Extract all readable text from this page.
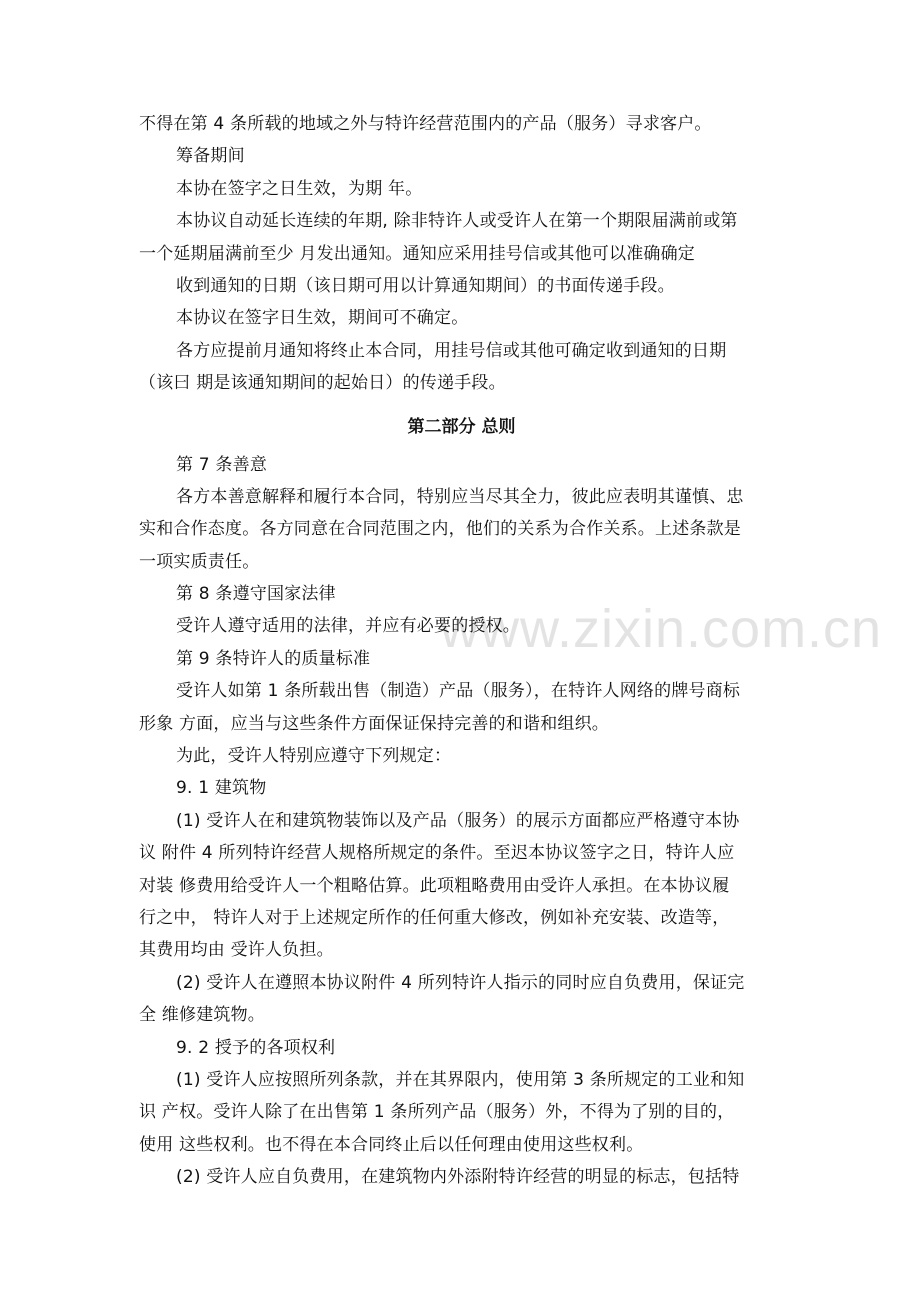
www.zixin.com.cn
不得在第 4 条所载的地域之外与特许经营范围内的产品（服务）寻求客户。
筹备期间
本协在签字之日生效，为期 年。
本协议自动延长连续的年期, 除非特许人或受许人在第一个期限届满前或第
一个延期届满前至少 月发出通知。通知应采用挂号信或其他可以准确确定
收到通知的日期（该日期可用以计算通知期间）的书面传递手段。
本协议在签字日生效，期间可不确定。
各方应提前月通知将终止本合同，用挂号信或其他可确定收到通知的日期
（该曰 期是该通知期间的起始日）的传递手段。
第二部分 总则
第 7 条善意
各方本善意解释和履行本合同，特别应当尽其全力，彼此应表明其谨慎、忠
实和合作态度。各方同意在合同范围之内，他们的关系为合作关系。上述条款是
一项实质责任。
第 8 条遵守国家法律
受许人遵守适用的法律，并应有必要的授权。
第 9 条特许人的质量标准
受许人如第 1 条所载出售（制造）产品（服务），在特许人网络的牌号商标
形象 方面，应当与这些条件方面保证保持完善的和谐和组织。
为此，受许人特别应遵守下列规定：
9. 1 建筑物
(1) 受许人在和建筑物装饰以及产品（服务）的展示方面都应严格遵守本协
议 附件 4 所列特许经营人规格所规定的条件。至迟本协议签字之日，特许人应
对装 修费用给受许人一个粗略估算。此项粗略费用由受许人承担。在本协议履
行之中， 特许人对于上述规定所作的任何重大修改，例如补充安装、改造等，
其费用均由 受许人负担。
(2) 受许人在遵照本协议附件 4 所列特许人指示的同时应自负费用，保证完
全 维修建筑物。
9. 2 授予的各项权利
(1) 受许人应按照所列条款，并在其界限内，使用第 3 条所规定的工业和知
识 产权。受许人除了在出售第 1 条所列产品（服务）外，不得为了别的目的，
使用 这些权利。也不得在本合同终止后以任何理由使用这些权利。
(2) 受许人应自负费用，在建筑物内外添附特许经营的明显的标志，包括特
